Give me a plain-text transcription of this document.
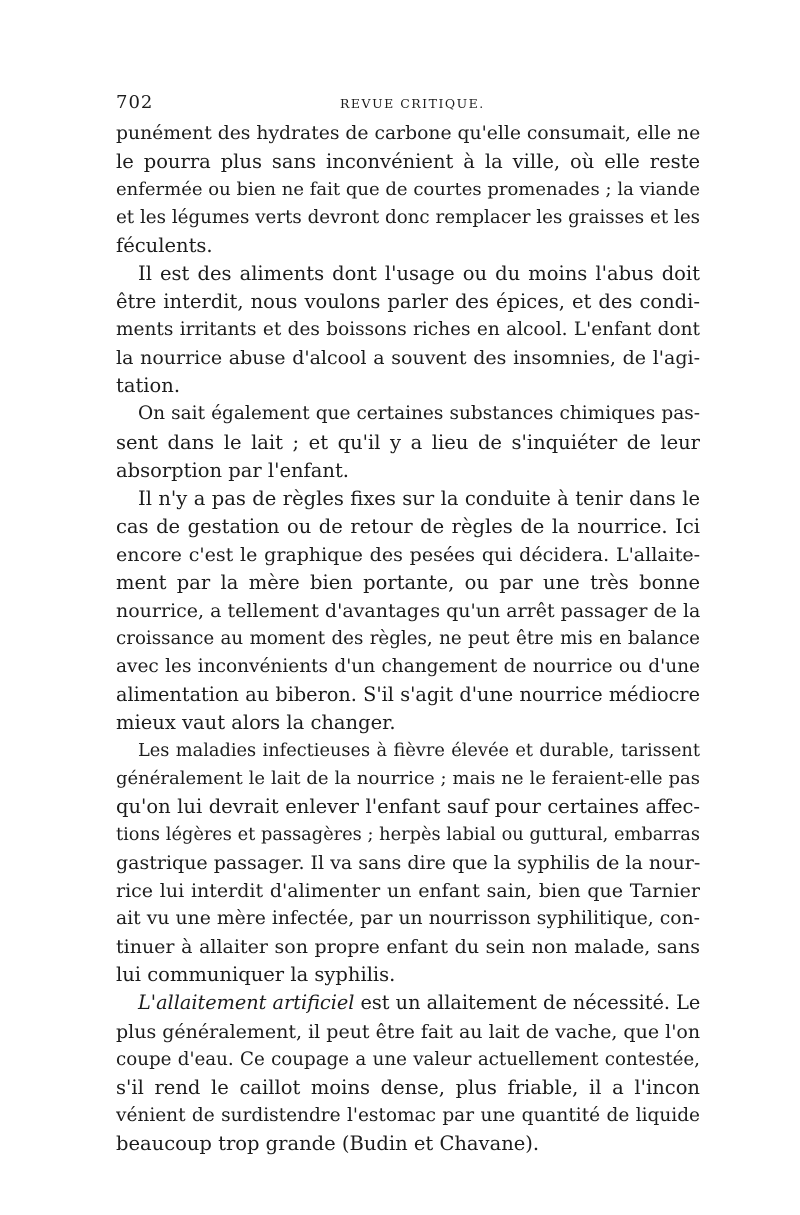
702	REVUE CRITIQUE.

punément des hydrates de carbone qu'elle consumait, elle ne
le pourra plus sans inconvénient à la ville, où elle reste
enfermée ou bien ne fait que de courtes promenades ; la viande
et les légumes verts devront donc remplacer les graisses et les
féculents.

Il est des aliments dont l'usage ou du moins l'abus doit
être interdit, nous voulons parler des épices, et des condi-
ments irritants et des boissons riches en alcool. L'enfant dont
la nourrice abuse d'alcool a souvent des insomnies, de l'agi-
tation.

On sait également que certaines substances chimiques pas-
sent dans le lait ; et qu'il y a lieu de s'inquiéter de leur
absorption par l'enfant.

Il n'y a pas de règles fixes sur la conduite à tenir dans le
cas de gestation ou de retour de règles de la nourrice. Ici
encore c'est le graphique des pesées qui décidera. L'allaite-
ment par la mère bien portante, ou par une très bonne
nourrice, a tellement d'avantages qu'un arrêt passager de la
croissance au moment des règles, ne peut être mis en balance
avec les inconvénients d'un changement de nourrice ou d'une
alimentation au biberon. S'il s'agit d'une nourrice médiocre
mieux vaut alors la changer.

Les maladies infectieuses à fièvre élevée et durable, tarissent
généralement le lait de la nourrice ; mais ne le feraient-elle pas
qu'on lui devrait enlever l'enfant sauf pour certaines affec-
tions légères et passagères ; herpès labial ou guttural, embarras
gastrique passager. Il va sans dire que la syphilis de la nour-
rice lui interdit d'alimenter un enfant sain, bien que Tarnier
ait vu une mère infectée, par un nourrisson syphilitique, con-
tinuer à allaiter son propre enfant du sein non malade, sans
lui communiquer la syphilis.

L'allaitement artificiel est un allaitement de nécessité. Le
plus généralement, il peut être fait au lait de vache, que l'on
coupe d'eau. Ce coupage a une valeur actuellement contestée,
s'il rend le caillot moins dense, plus friable, il a l'incon
vénient de surdistendre l'estomac par une quantité de liquide
beaucoup trop grande (Budin et Chavane).
